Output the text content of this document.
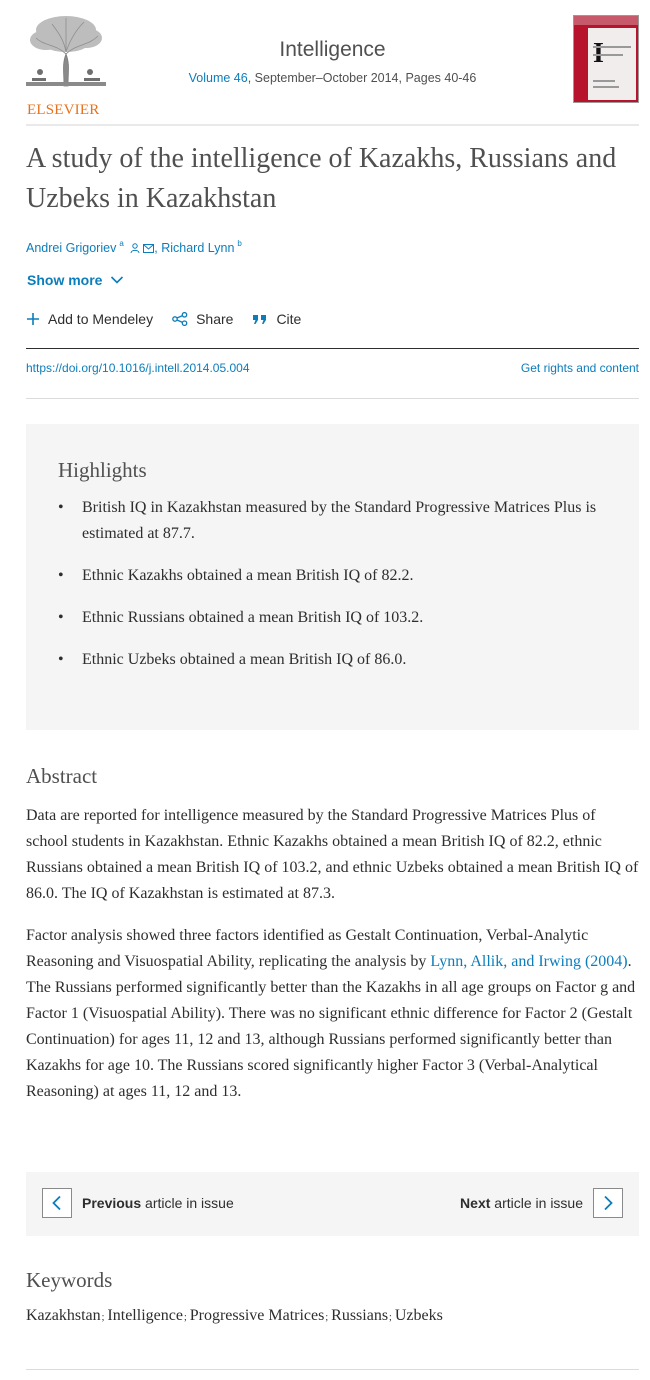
ELSEVIER
Intelligence
Volume 46, September–October 2014, Pages 40-46
A study of the intelligence of Kazakhs, Russians and Uzbeks in Kazakhstan
Andrei Grigoriev $^a$ , Richard Lynn $^b$
Show more
Add to Mendeley	Share	Cite
https://doi.org/10.1016/j.intell.2014.05.004	Get rights and content
Highlights
• British IQ in Kazakhstan measured by the Standard Progressive Matrices Plus is estimated at 87.7.
• Ethnic Kazakhs obtained a mean British IQ of 82.2.
• Ethnic Russians obtained a mean British IQ of 103.2.
• Ethnic Uzbeks obtained a mean British IQ of 86.0.
Abstract

Data are reported for intelligence measured by the Standard Progressive Matrices Plus of school students in Kazakhstan. Ethnic Kazakhs obtained a mean British IQ of 82.2, ethnic Russians obtained a mean British IQ of 103.2, and ethnic Uzbeks obtained a mean British IQ of 86.0. The IQ of Kazakhstan is estimated at 87.3.

Factor analysis showed three factors identified as Gestalt Continuation, Verbal-Analytic Reasoning and Visuospatial Ability, replicating the analysis by Lynn, Allik, and Irwing (2004). The Russians performed significantly better than the Kazakhs in all age groups on Factor g and Factor 1 (Visuospatial Ability). There was no significant ethnic difference for Factor 2 (Gestalt Continuation) for ages 11, 12 and 13, although Russians performed significantly better than Kazakhs for age 10. The Russians scored significantly higher Factor 3 (Verbal-Analytical Reasoning) at ages 11, 12 and 13.

Previous article in issue	Next article in issue
Keywords
Kazakhstan; Intelligence; Progressive Matrices; Russians; Uzbeks
